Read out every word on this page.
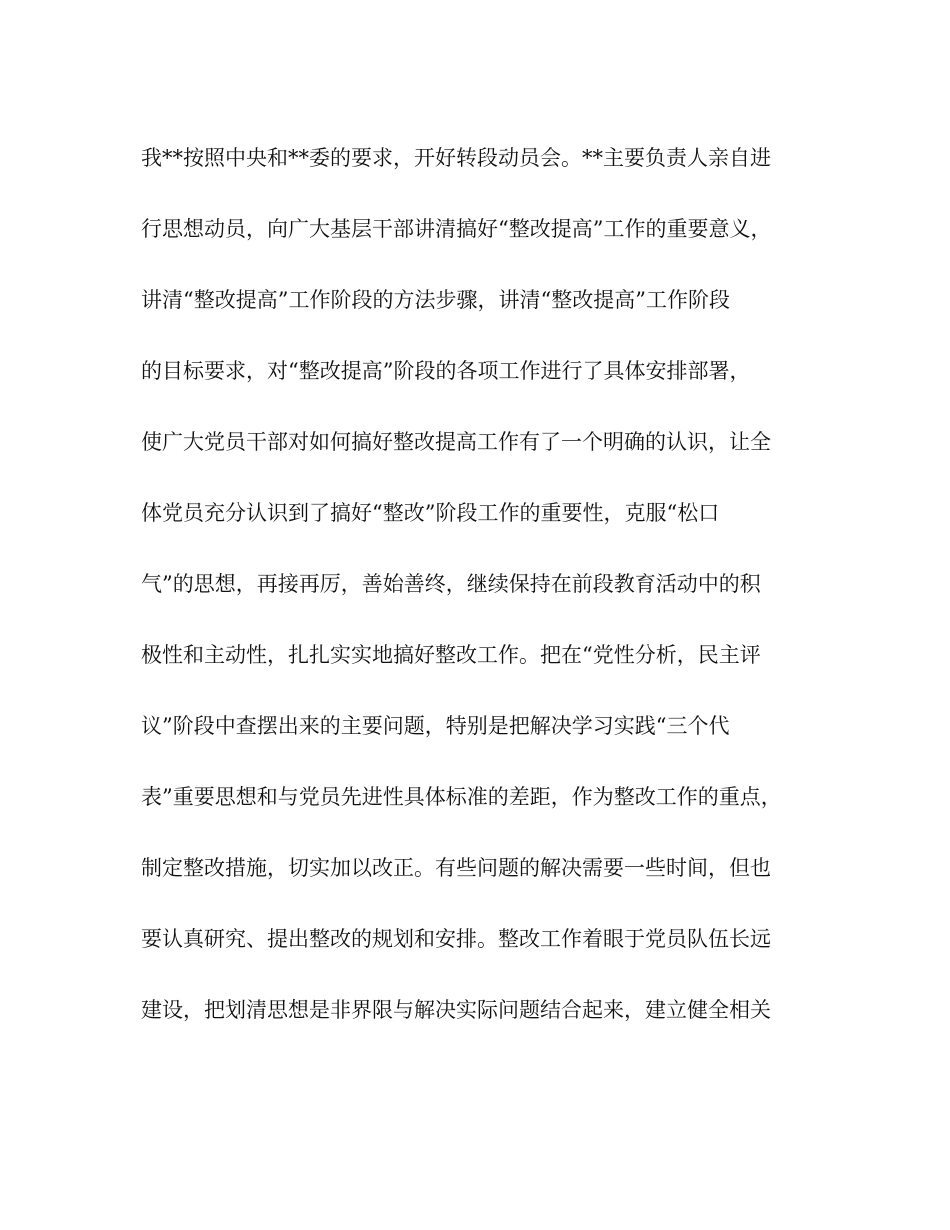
我**按照中央和**委的要求，开好转段动员会。**主要负责人亲自进
行思想动员，向广大基层干部讲清搞好“整改提高”工作的重要意义，
讲清“整改提高”工作阶段的方法步骤，讲清“整改提高”工作阶段
的目标要求，对“整改提高”阶段的各项工作进行了具体安排部署，
使广大党员干部对如何搞好整改提高工作有了一个明确的认识，让全
体党员充分认识到了搞好“整改”阶段工作的重要性，克服“松口
气”的思想，再接再厉，善始善终，继续保持在前段教育活动中的积
极性和主动性，扎扎实实地搞好整改工作。把在“党性分析，民主评
议”阶段中查摆出来的主要问题，特别是把解决学习实践“三个代
表”重要思想和与党员先进性具体标准的差距，作为整改工作的重点，
制定整改措施，切实加以改正。有些问题的解决需要一些时间，但也
要认真研究、提出整改的规划和安排。整改工作着眼于党员队伍长远
建设，把划清思想是非界限与解决实际问题结合起来，建立健全相关
